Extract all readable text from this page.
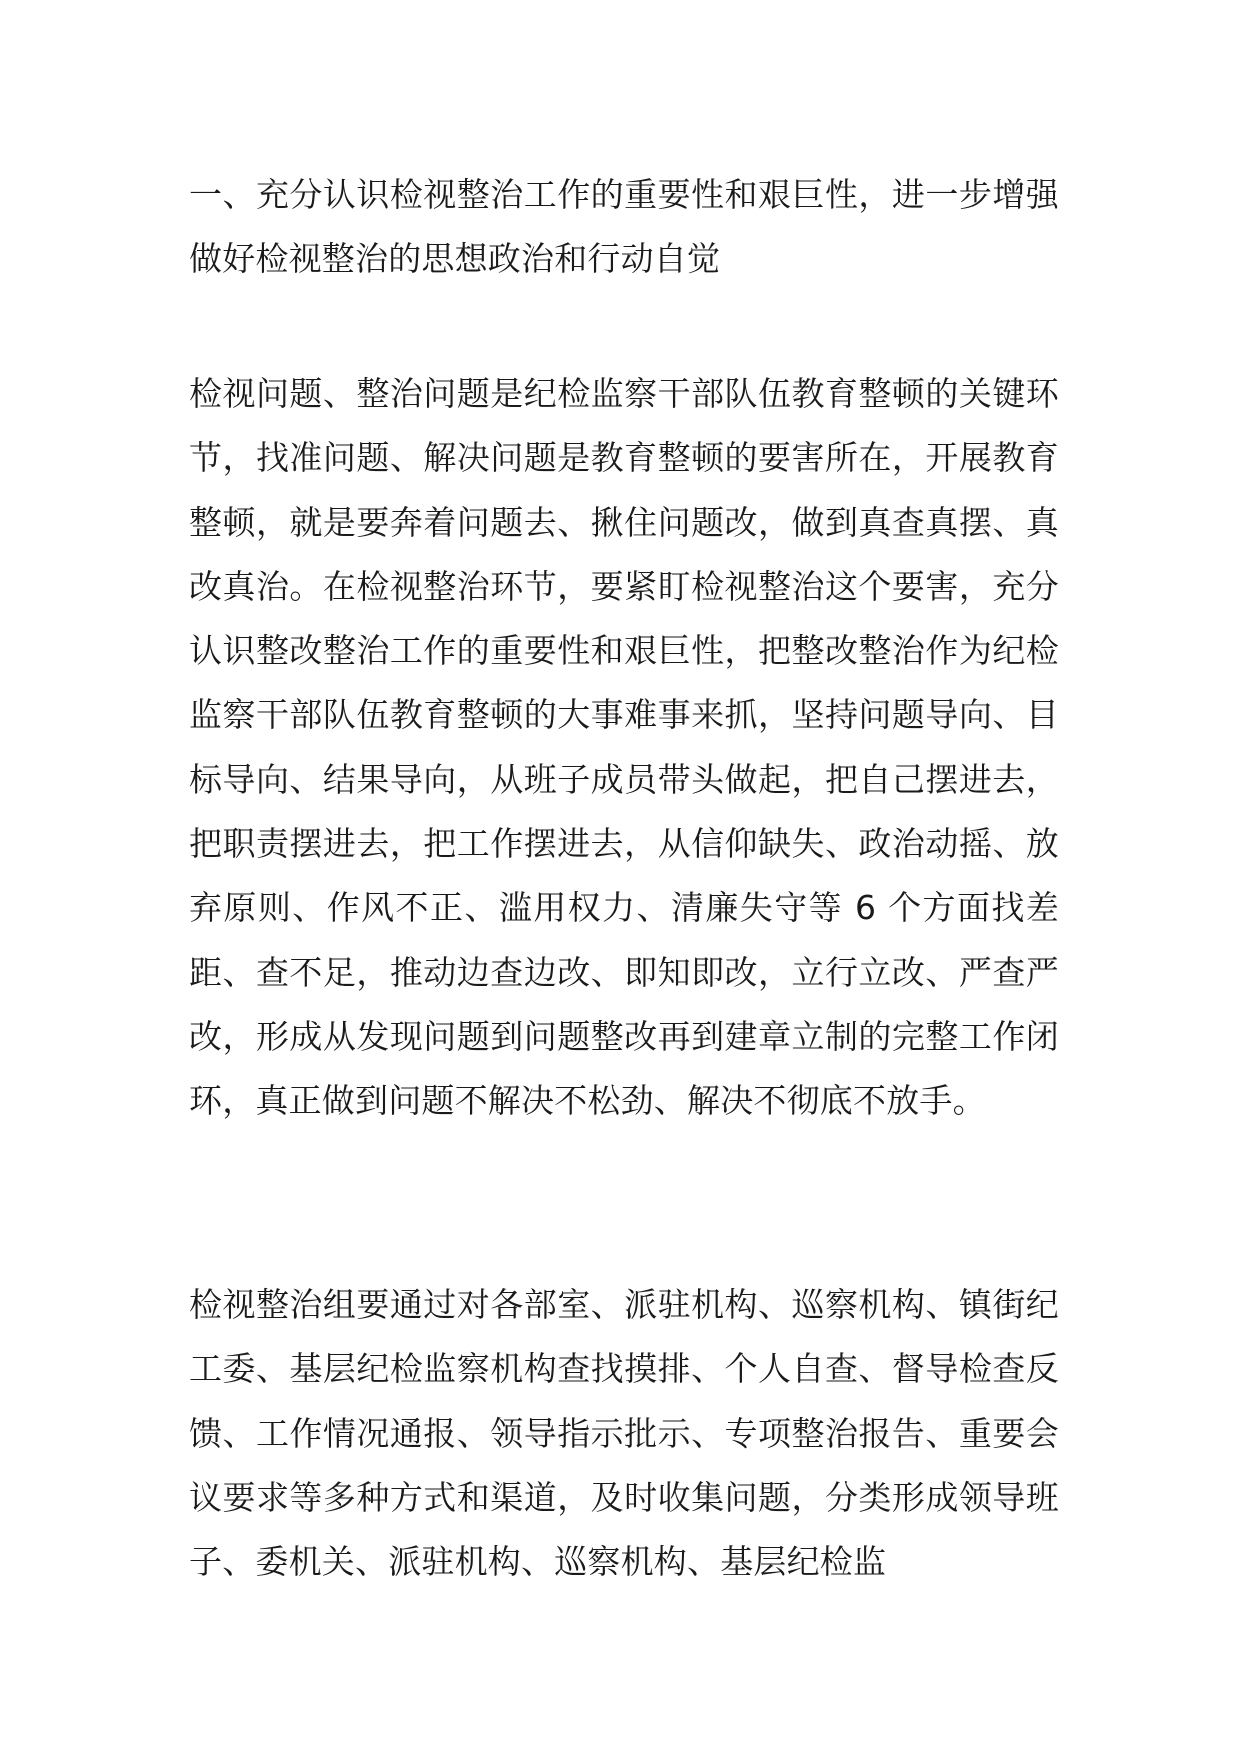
一、充分认识检视整治工作的重要性和艰巨性，进一步增强做好检视整治的思想政治和行动自觉

检视问题、整治问题是纪检监察干部队伍教育整顿的关键环节，找准问题、解决问题是教育整顿的要害所在，开展教育整顿，就是要奔着问题去、揪住问题改，做到真查真摆、真改真治。在检视整治环节，要紧盯检视整治这个要害，充分认识整改整治工作的重要性和艰巨性，把整改整治作为纪检监察干部队伍教育整顿的大事难事来抓，坚持问题导向、目标导向、结果导向，从班子成员带头做起，把自己摆进去，把职责摆进去，把工作摆进去，从信仰缺失、政治动摇、放弃原则、作风不正、滥用权力、清廉失守等 6 个方面找差距、查不足，推动边查边改、即知即改，立行立改、严查严改，形成从发现问题到问题整改再到建章立制的完整工作闭环，真正做到问题不解决不松劲、解决不彻底不放手。

检视整治组要通过对各部室、派驻机构、巡察机构、镇街纪工委、基层纪检监察机构查找摸排、个人自查、督导检查反馈、工作情况通报、领导指示批示、专项整治报告、重要会议要求等多种方式和渠道，及时收集问题，分类形成领导班子、委机关、派驻机构、巡察机构、基层纪检监
